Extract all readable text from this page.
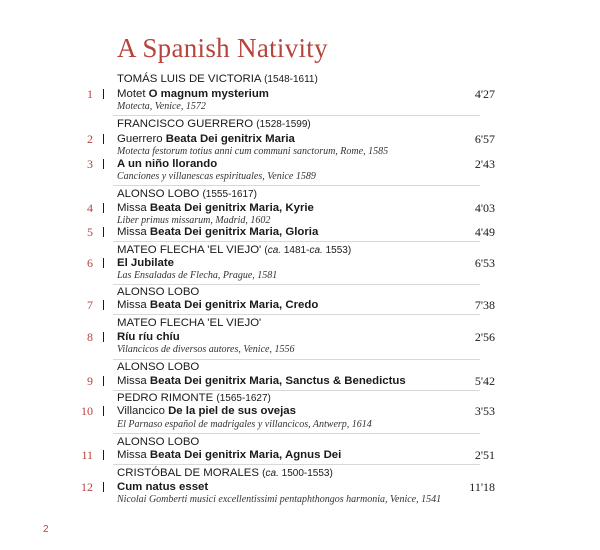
A Spanish Nativity
TOMÁS LUIS DE VICTORIA (1548-1611)
1 Motet O magnum mysterium	4'27
Motecta, Venice, 1572
FRANCISCO GUERRERO (1528-1599)
2 Guerrero Beata Dei genitrix Maria	6'57
Motecta festorum totius anni cum communi sanctorum, Rome, 1585
3 A un niño llorando	2'43
Canciones y villanescas espirituales, Venice 1589
ALONSO LOBO (1555-1617)
4 Missa Beata Dei genitrix Maria, Kyrie	4'03
Liber primus missarum, Madrid, 1602
5 Missa Beata Dei genitrix Maria, Gloria	4'49
MATEO FLECHA 'EL VIEJO' (ca. 1481-ca. 1553)
6 El Jubilate	6'53
Las Ensaladas de Flecha, Prague, 1581
ALONSO LOBO
7 Missa Beata Dei genitrix Maria, Credo	7'38
MATEO FLECHA 'EL VIEJO'
8 Ríu ríu chíu	2'56
Vilancicos de diversos autores, Venice, 1556
ALONSO LOBO
9 Missa Beata Dei genitrix Maria, Sanctus & Benedictus	5'42
PEDRO RIMONTE (1565-1627)
10 Villancico De la piel de sus ovejas	3'53
El Parnaso español de madrigales y villancicos, Antwerp, 1614
ALONSO LOBO
11 Missa Beata Dei genitrix Maria, Agnus Dei	2'51
CRISTÓBAL DE MORALES (ca. 1500-1553)
12 Cum natus esset	11'18
Nicolai Gomberti musici excellentissimi pentaphthongos harmonia, Venice, 1541
2
